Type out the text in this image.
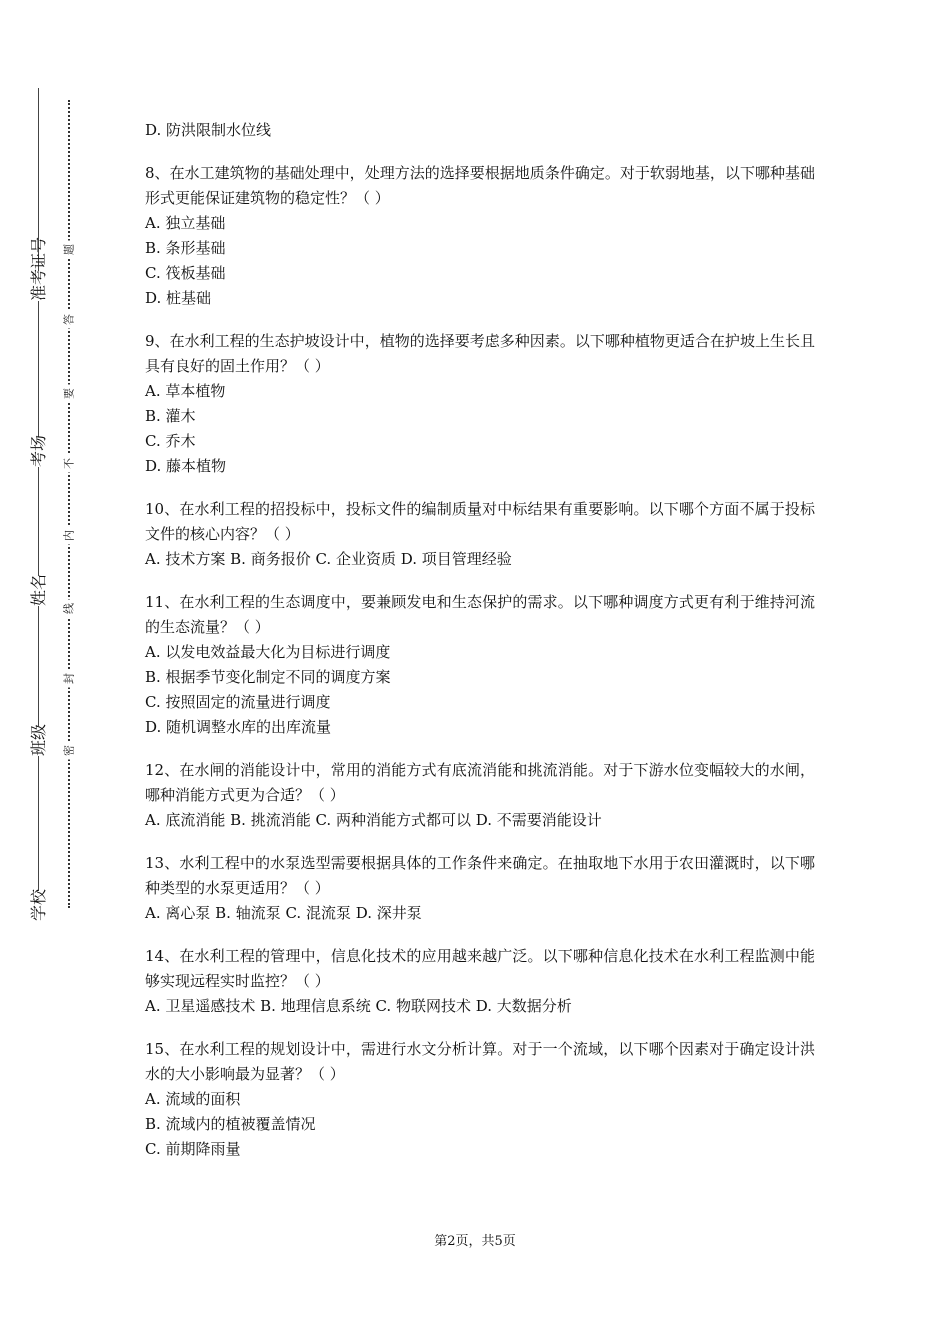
准考证号
考场
姓名
班级
学校
题
答
要
不
内
线
封
密

D. 防洪限制水位线

8、在水工建筑物的基础处理中，处理方法的选择要根据地质条件确定。对于软弱地基，以下哪种基础形式更能保证建筑物的稳定性？（ ）

A. 独立基础

B. 条形基础

C. 筏板基础

D. 桩基础

9、在水利工程的生态护坡设计中，植物的选择要考虑多种因素。以下哪种植物更适合在护坡上生长且具有良好的固土作用？（ ）

A. 草本植物

B. 灌木

C. 乔木

D. 藤本植物

10、在水利工程的招投标中，投标文件的编制质量对中标结果有重要影响。以下哪个方面不属于投标文件的核心内容？（ ）

A. 技术方案 B. 商务报价 C. 企业资质 D. 项目管理经验

11、在水利工程的生态调度中，要兼顾发电和生态保护的需求。以下哪种调度方式更有利于维持河流的生态流量？（ ）

A. 以发电效益最大化为目标进行调度

B. 根据季节变化制定不同的调度方案

C. 按照固定的流量进行调度

D. 随机调整水库的出库流量

12、在水闸的消能设计中，常用的消能方式有底流消能和挑流消能。对于下游水位变幅较大的水闸，哪种消能方式更为合适？（ ）

A. 底流消能 B. 挑流消能 C. 两种消能方式都可以 D. 不需要消能设计

13、水利工程中的水泵选型需要根据具体的工作条件来确定。在抽取地下水用于农田灌溉时，以下哪种类型的水泵更适用？（ ）

A. 离心泵 B. 轴流泵 C. 混流泵 D. 深井泵

14、在水利工程的管理中，信息化技术的应用越来越广泛。以下哪种信息化技术在水利工程监测中能够实现远程实时监控？（ ）

A. 卫星遥感技术 B. 地理信息系统 C. 物联网技术 D. 大数据分析

15、在水利工程的规划设计中，需进行水文分析计算。对于一个流域，以下哪个因素对于确定设计洪水的大小影响最为显著？（ ）

A. 流域的面积

B. 流域内的植被覆盖情况

C. 前期降雨量

第2页，共5页
